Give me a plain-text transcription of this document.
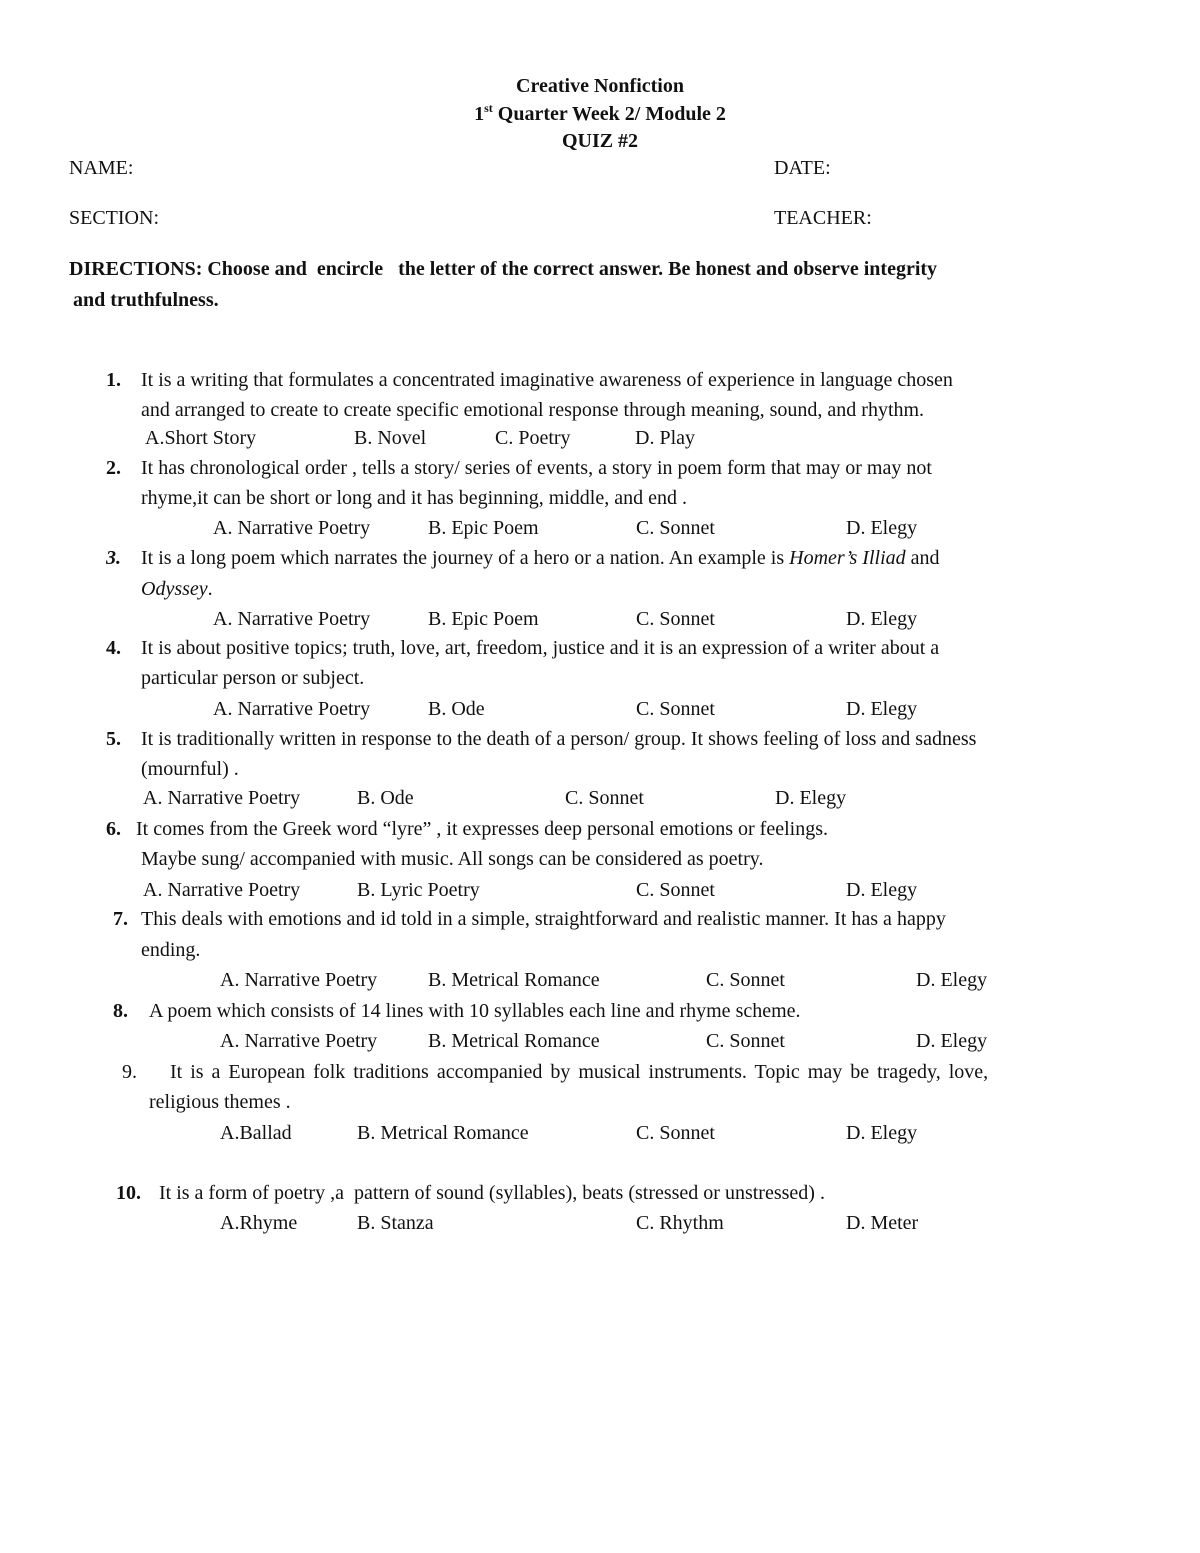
Creative Nonfiction
1st Quarter Week 2/ Module 2
QUIZ #2
NAME:	DATE:
SECTION:	TEACHER:
DIRECTIONS: Choose and  encircle   the letter of the correct answer. Be honest and observe integrity
and truthfulness.
1. It is a writing that formulates a concentrated imaginative awareness of experience in language chosen
and arranged to create to create specific emotional response through meaning, sound, and rhythm.
A.Short Story	B. Novel	C. Poetry	D. Play
2. It has chronological order , tells a story/ series of events, a story in poem form that may or may not
rhyme,it can be short or long and it has beginning, middle, and end .
A. Narrative Poetry	B. Epic Poem	C. Sonnet	D. Elegy
3. It is a long poem which narrates the journey of a hero or a nation. An example is Homer’s Illiad and
Odyssey.
A. Narrative Poetry	B. Epic Poem	C. Sonnet	D. Elegy
4. It is about positive topics; truth, love, art, freedom, justice and it is an expression of a writer about a
particular person or subject.
A. Narrative Poetry	B. Ode	C. Sonnet	D. Elegy
5. It is traditionally written in response to the death of a person/ group. It shows feeling of loss and sadness
(mournful) .
A. Narrative Poetry	B. Ode	C. Sonnet	D. Elegy
6. It comes from the Greek word “lyre” , it expresses deep personal emotions or feelings.
Maybe sung/ accompanied with music. All songs can be considered as poetry.
A. Narrative Poetry	B. Lyric Poetry	C. Sonnet	D. Elegy
7. This deals with emotions and id told in a simple, straightforward and realistic manner. It has a happy
ending.
A. Narrative Poetry	B. Metrical Romance	C. Sonnet	D. Elegy
8. A poem which consists of 14 lines with 10 syllables each line and rhyme scheme.
A. Narrative Poetry	B. Metrical Romance	C. Sonnet	D. Elegy
9. It is a European folk traditions accompanied by musical instruments. Topic may be tragedy, love,
religious themes .
A.Ballad	B. Metrical Romance	C. Sonnet	D. Elegy
10. It is a form of poetry ,a  pattern of sound (syllables), beats (stressed or unstressed) .
A.Rhyme	B. Stanza	C. Rhythm	D. Meter
